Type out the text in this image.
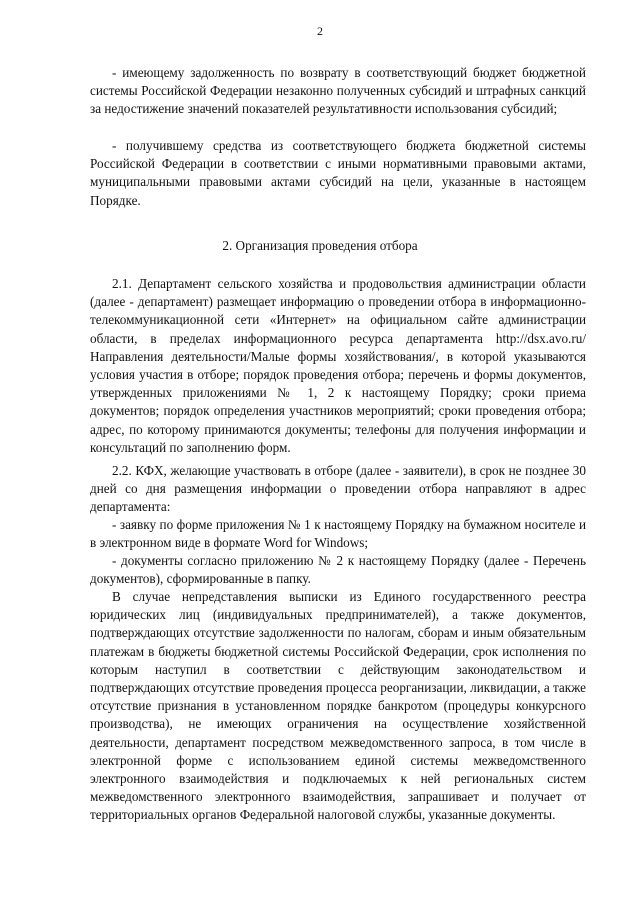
2

- имеющему задолженность по возврату в соответствующий бюджет бюджетной системы Российской Федерации незаконно полученных субсидий и штрафных санкций за недостижение значений показателей результативности использования субсидий;

- получившему средства из соответствующего бюджета бюджетной системы Российской Федерации в соответствии с иными нормативными правовыми актами, муниципальными правовыми актами субсидий на цели, указанные в настоящем Порядке.

2. Организация проведения отбора

2.1. Департамент сельского хозяйства и продовольствия администрации области (далее - департамент) размещает информацию о проведении отбора в информационно-телекоммуникационной сети «Интернет» на официальном сайте администрации области, в пределах информационного ресурса департамента http://dsx.avo.ru/Направления деятельности/Малые формы хозяйствования/, в которой указываются условия участия в отборе; порядок проведения отбора; перечень и формы документов, утвержденных приложениями № 1, 2 к настоящему Порядку; сроки приема документов; порядок определения участников мероприятий; сроки проведения отбора; адрес, по которому принимаются документы; телефоны для получения информации и консультаций по заполнению форм.

2.2. КФХ, желающие участвовать в отборе (далее - заявители), в срок не позднее 30 дней со дня размещения информации о проведении отбора направляют в адрес департамента:

- заявку по форме приложения № 1 к настоящему Порядку на бумажном носителе и в электронном виде в формате Word for Windows;

- документы согласно приложению № 2 к настоящему Порядку (далее - Перечень документов), сформированные в папку.

В случае непредставления выписки из Единого государственного реестра юридических лиц (индивидуальных предпринимателей), а также документов, подтверждающих отсутствие задолженности по налогам, сборам и иным обязательным платежам в бюджеты бюджетной системы Российской Федерации, срок исполнения по которым наступил в соответствии с действующим законодательством и подтверждающих отсутствие проведения процесса реорганизации, ликвидации, а также отсутствие признания в установленном порядке банкротом (процедуры конкурсного производства), не имеющих ограничения на осуществление хозяйственной деятельности, департамент посредством межведомственного запроса, в том числе в электронной форме с использованием единой системы межведомственного электронного взаимодействия и подключаемых к ней региональных систем межведомственного электронного взаимодействия, запрашивает и получает от территориальных органов Федеральной налоговой службы, указанные документы.
